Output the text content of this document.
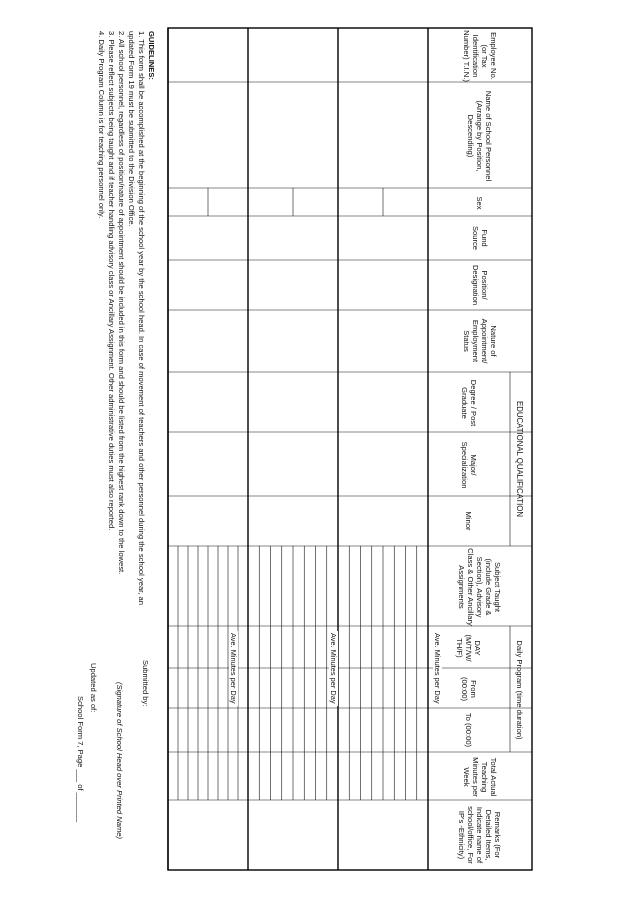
Employee No. (or Tax Identification Number) T.I.N.)
Name of School Personnel (Arrange by Position, Descending)
Sex
Fund Source
Position/ Designation
Nature of Appointment/ Employment Status
EDUCATIONAL QUALIFICATION
Degree / Post Graduate
Major/ Specialization
Minor
Subject Taught (include Grade & Section), Advisory Class & Other Ancillary Assignments
Daily Program (time duration)
DAY (M/T/W/ TH/F)
From (00:00)
To (00:00)
Total Actual Teaching Minutes per Week
Remarks (For Detailed Items, Indicate name of school/office, For IP's -Ethnicity)
Ave. Minutes per Day	Ave. Minutes per Day	Ave. Minutes per Day
GUIDELINES:
1. This form shall be accomplished at the beginning of the school year by the school head. In case of movement of teachers and other personnel during the school year, an
updated Form 19 must be submitted to the Division Office.
2. All school personnel, regardless of position/nature of appointment should be included in this form and should be listed from the highest rank down to the lowest.
3. Please reflect subjects being taught and if teacher handling advisory class or Ancillary Assignment. Other administrative duties must also reported.
4. Daily Program Column is for teaching personnel only.
Submitted by:
(Signature of School Head over Printed Name)
Updated as of:
School Form 7, Page ___ of _______
